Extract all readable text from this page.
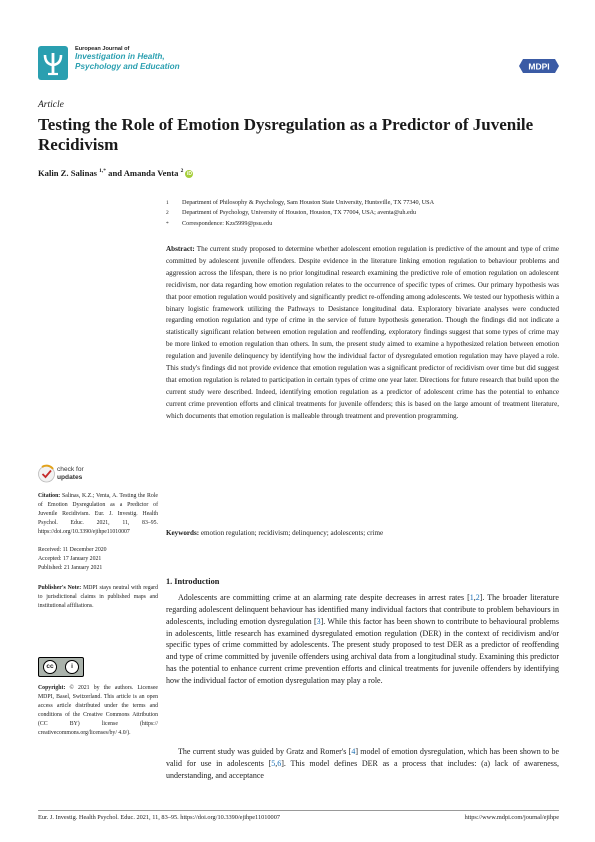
European Journal of
Investigation in Health,
Psychology and Education	MDPI
Article
Testing the Role of Emotion Dysregulation as a Predictor of Juvenile Recidivism
Kalin Z. Salinas $^{1,*}$ and Amanda Venta $^2$ iD
1 Department of Philosophy & Psychology, Sam Houston State University, Huntsville, TX 77340, USA
2 Department of Psychology, University of Houston, Houston, TX 77004, USA; aventa@uh.edu
* Correspondence: Kzs5999@psu.edu
Abstract: The current study proposed to determine whether adolescent emotion regulation is predictive of the amount and type of crime committed by adolescent juvenile offenders. Despite evidence in the literature linking emotion regulation to behaviour problems and aggression across the lifespan, there is no prior longitudinal research examining the predictive role of emotion regulation on adolescent recidivism, nor data regarding how emotion regulation relates to the occurrence of specific types of crimes. Our primary hypothesis was that poor emotion regulation would positively and significantly predict re-offending among adolescents. We tested our hypothesis within a binary logistic framework utilizing the Pathways to Desistance longitudinal data. Exploratory bivariate analyses were conducted regarding emotion regulation and type of crime in the service of future hypothesis generation. Though the findings did not indicate a statistically significant relation between emotion regulation and reoffending, exploratory findings suggest that some types of crime may be more linked to emotion regulation than others. In sum, the present study aimed to examine a hypothesized relation between emotion regulation and juvenile delinquency by identifying how the individual factor of dysregulated emotion regulation may have played a role. This study's findings did not provide evidence that emotion regulation was a significant predictor of recidivism over time but did suggest that emotion regulation is related to participation in certain types of crime one year later. Directions for future research that build upon the current study were described. Indeed, identifying emotion regulation as a predictor of adolescent crime has the potential to enhance current crime prevention efforts and clinical treatments for juvenile offenders; this is based on the large amount of treatment literature, which documents that emotion regulation is malleable through treatment and prevention programming.
Keywords: emotion regulation; recidivism; delinquency; adolescents; crime
check for
updates
Citation: Salinas, K.Z.; Venta, A. Testing the Role of Emotion Dysregulation as a Predictor of Juvenile Recidivism. Eur. J. Investig. Health Psychol. Educ. 2021, 11, 83–95. https://doi.org/10.3390/ejihpe11010007
Received: 11 December 2020
Accepted: 17 January 2021
Published: 21 January 2021
Publisher's Note: MDPI stays neutral with regard to jurisdictional claims in published maps and institutional affiliations.
cc	i
Copyright: © 2021 by the authors. Licensee MDPI, Basel, Switzerland. This article is an open access article distributed under the terms and conditions of the Creative Commons Attribution (CC BY) license (https:// creativecommons.org/licenses/by/ 4.0/).
1. Introduction
Adolescents are committing crime at an alarming rate despite decreases in arrest rates [1,2]. The broader literature regarding adolescent delinquent behaviour has identified many individual factors that contribute to problem behaviours in adolescents, including emotion dysregulation [3]. While this factor has been shown to contribute to behavioural problems in adolescents, little research has examined dysregulated emotion regulation (DER) in the context of recidivism and/or specific types of crime committed by adolescents. The present study proposed to test DER as a predictor of reoffending and type of crime committed by juvenile offenders using archival data from a longitudinal study. Examining this predictor has the potential to enhance current crime prevention efforts and clinical treatments for juvenile offenders by identifying how the individual factor of emotion dysregulation may play a role.
The current study was guided by Gratz and Romer's [4] model of emotion dysregulation, which has been shown to be valid for use in adolescents [5,6]. This model defines DER as a process that includes: (a) lack of awareness, understanding, and acceptance
Eur. J. Investig. Health Psychol. Educ. 2021, 11, 83–95. https://doi.org/10.3390/ejihpe11010007	https://www.mdpi.com/journal/ejihpe
